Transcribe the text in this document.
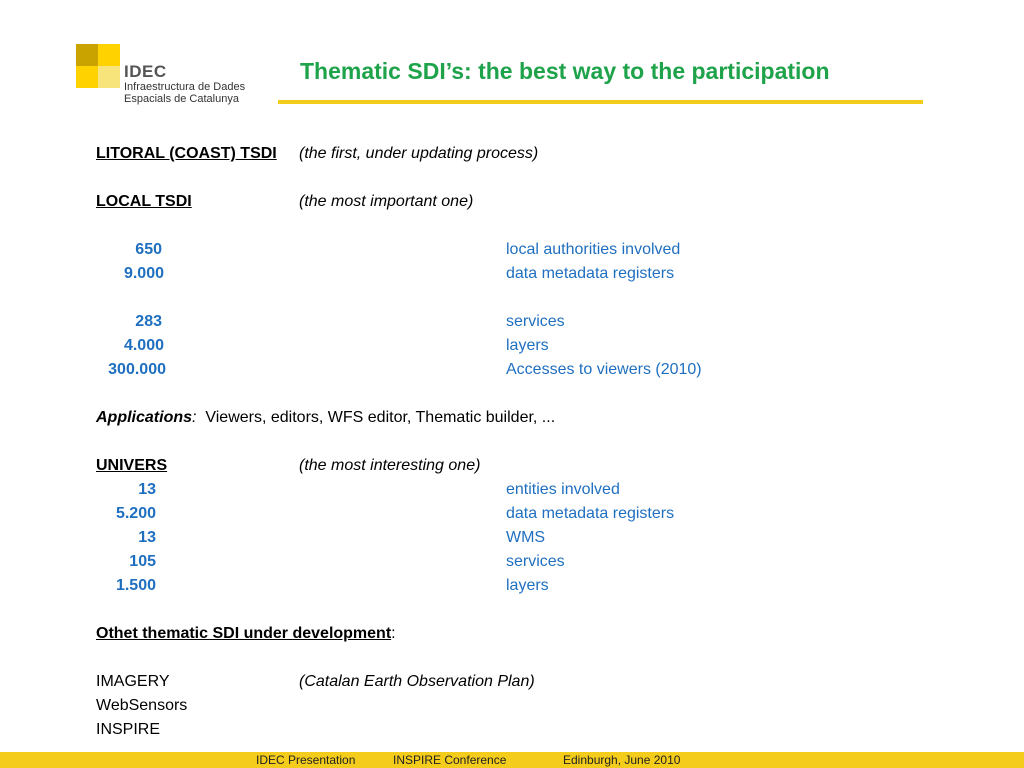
IDEC
Infraestructura de Dades
Espacials de Catalunya
Thematic SDI’s: the best way to the participation
LITORAL (COAST) TSDI (the first, under updating process)
LOCAL TSDI	(the most important one)
650	local authorities involved
9.000	data metadata registers
283	services
4.000	layers
300.000	Accesses to viewers (2010)
Applications: Viewers, editors, WFS editor, Thematic builder, ...
UNIVERS	(the most interesting one)
13	entities involved
5.200	data metadata registers
13	WMS
105	services
1.500	layers
Othet thematic SDI under development:
IMAGERY	(Catalan Earth Observation Plan)
WebSensors
INSPIRE
IDEC Presentation	INSPIRE Conference	Edinburgh, June 2010
